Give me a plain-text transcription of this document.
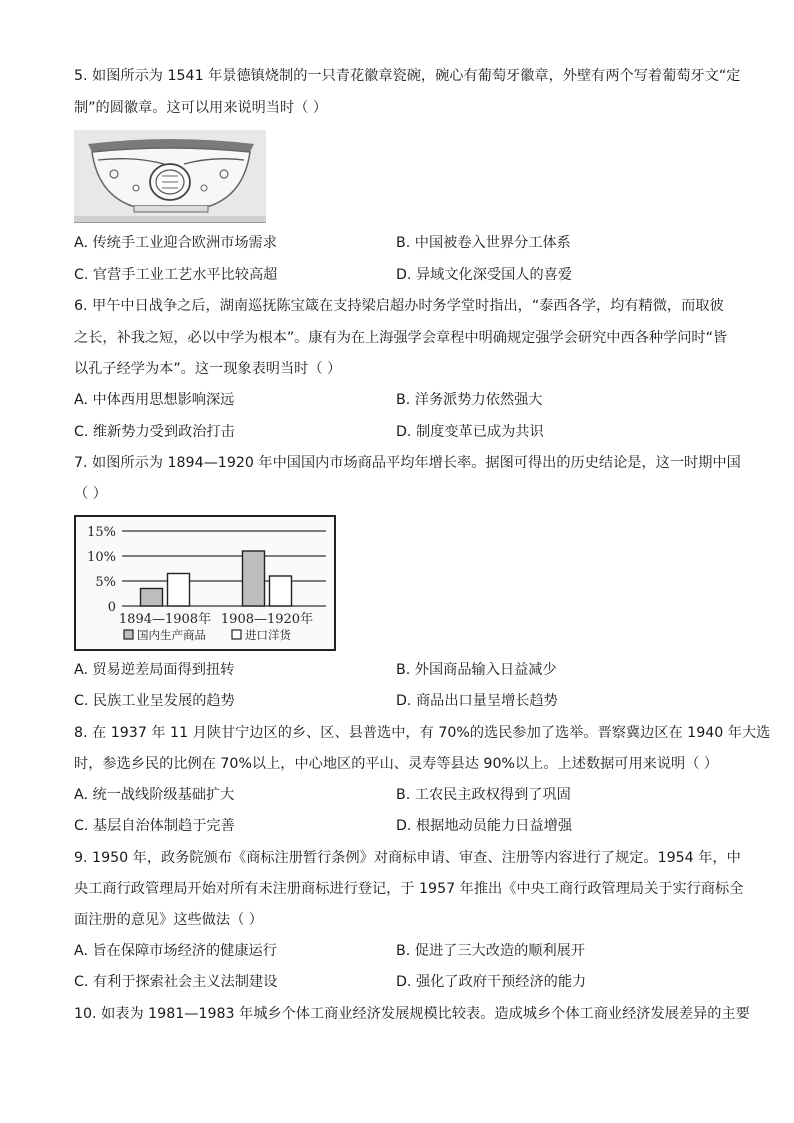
5. 如图所示为 1541 年景德镇烧制的一只青花徽章瓷碗，碗心有葡萄牙徽章，外壁有两个写着葡萄牙文“定
制”的圆徽章。这可以用来说明当时（ ）
A. 传统手工业迎合欧洲市场需求	B. 中国被卷入世界分工体系
C. 官营手工业工艺水平比较高超	D. 异域文化深受国人的喜爱
6. 甲午中日战争之后，湖南巡抚陈宝箴在支持梁启超办时务学堂时指出，“泰西各学，均有精微，而取彼
之长，补我之短，必以中学为根本”。康有为在上海强学会章程中明确规定强学会研究中西各种学问时“皆
以孔子经学为本”。这一现象表明当时（ ）
A. 中体西用思想影响深远	B. 洋务派势力依然强大
C. 维新势力受到政治打击	D. 制度变革已成为共识
7. 如图所示为 1894—1920 年中国国内市场商品平均年增长率。据图可得出的历史结论是，这一时期中国
（ ）
15%
10%
5%
0
1894—1908年 1908—1920年
国内生产商品	进口洋货
A. 贸易逆差局面得到扭转	B. 外国商品输入日益减少
C. 民族工业呈发展的趋势	D. 商品出口量呈增长趋势
8. 在 1937 年 11 月陕甘宁边区的乡、区、县普选中，有 70%的选民参加了选举。晋察冀边区在 1940 年大选
时，参选乡民的比例在 70%以上，中心地区的平山、灵寿等县达 90%以上。上述数据可用来说明（ ）
A. 统一战线阶级基础扩大	B. 工农民主政权得到了巩固
C. 基层自治体制趋于完善	D. 根据地动员能力日益增强
9. 1950 年，政务院颁布《商标注册暂行条例》对商标申请、审查、注册等内容进行了规定。1954 年，中
央工商行政管理局开始对所有未注册商标进行登记，于 1957 年推出《中央工商行政管理局关于实行商标全
面注册的意见》这些做法（ ）
A. 旨在保障市场经济的健康运行	B. 促进了三大改造的顺利展开
C. 有利于探索社会主义法制建设	D. 强化了政府干预经济的能力
10. 如表为 1981—1983 年城乡个体工商业经济发展规模比较表。造成城乡个体工商业经济发展差异的主要
